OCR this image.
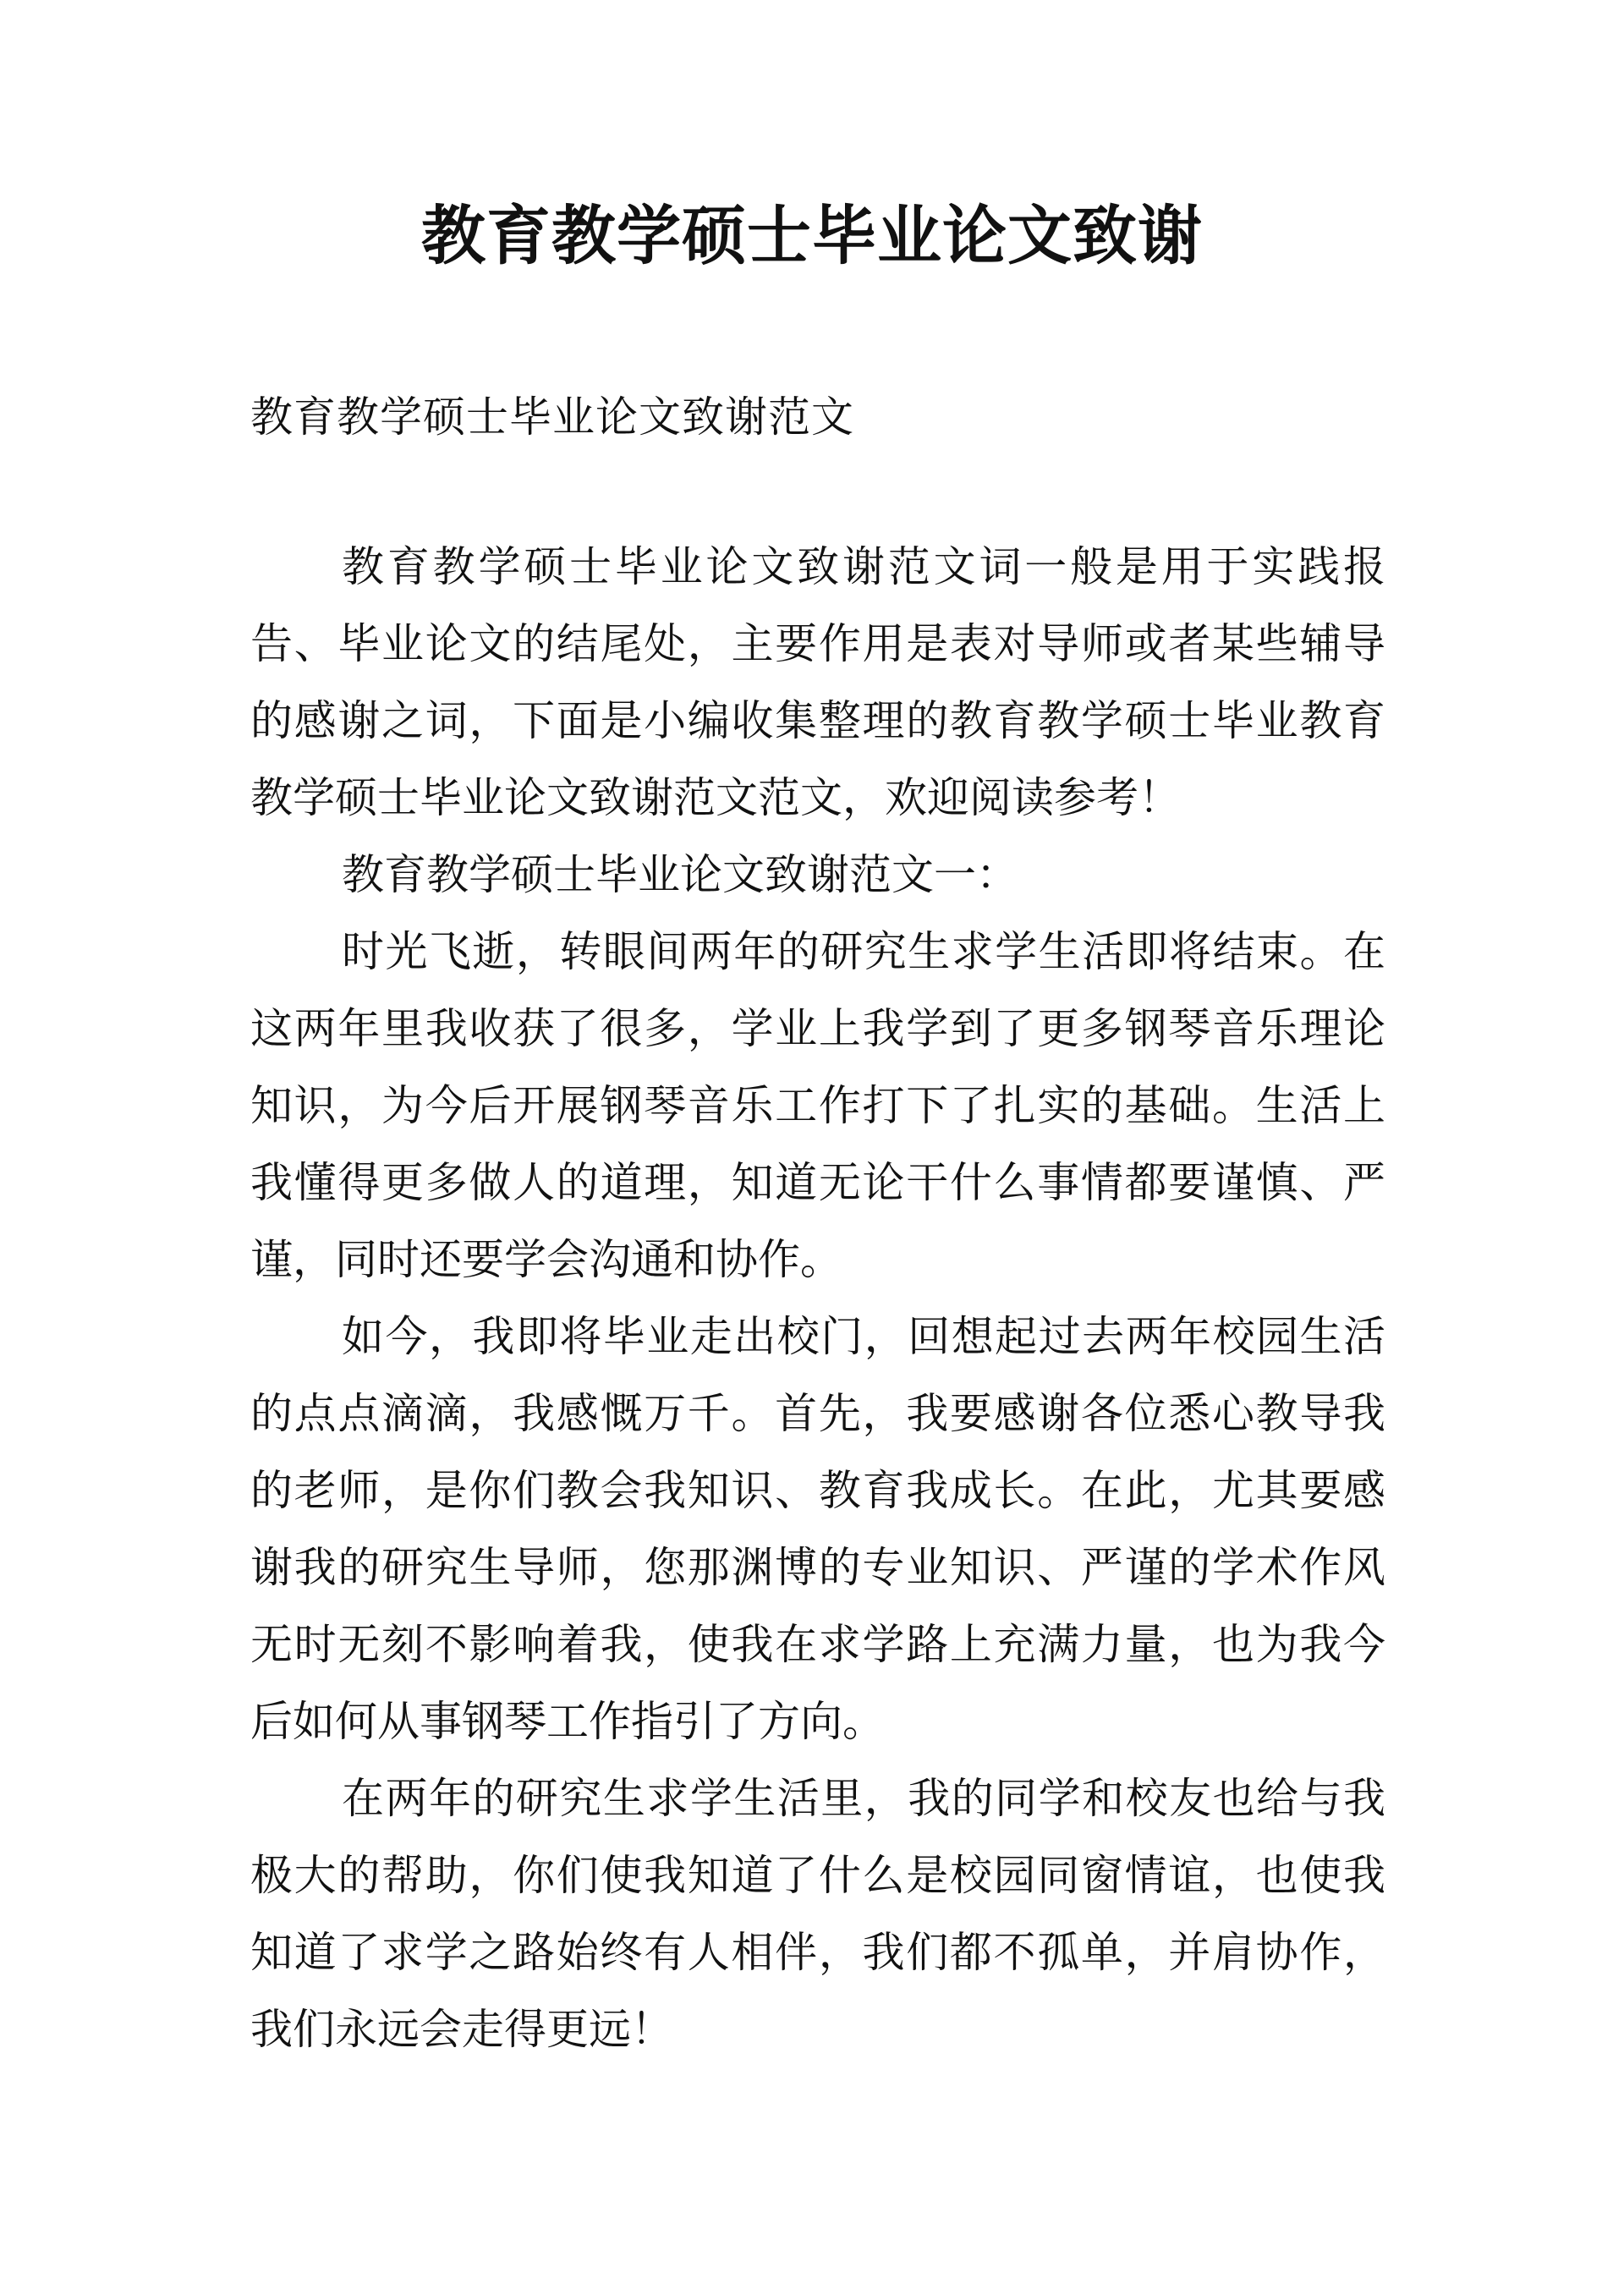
教育教学硕士毕业论文致谢
教育教学硕士毕业论文致谢范文
教育教学硕士毕业论文致谢范文词一般是用于实践报
告、毕业论文的结尾处，主要作用是表对导师或者某些辅导
的感谢之词，下面是小编收集整理的教育教学硕士毕业教育
教学硕士毕业论文致谢范文范文，欢迎阅读参考！
教育教学硕士毕业论文致谢范文一：
时光飞逝，转眼间两年的研究生求学生活即将结束。在
这两年里我收获了很多，学业上我学到了更多钢琴音乐理论
知识，为今后开展钢琴音乐工作打下了扎实的基础。生活上
我懂得更多做人的道理，知道无论干什么事情都要谨慎、严
谨，同时还要学会沟通和协作。
如今，我即将毕业走出校门，回想起过去两年校园生活
的点点滴滴，我感慨万千。首先，我要感谢各位悉心教导我
的老师，是你们教会我知识、教育我成长。在此，尤其要感
谢我的研究生导师，您那渊博的专业知识、严谨的学术作风
无时无刻不影响着我，使我在求学路上充满力量，也为我今
后如何从事钢琴工作指引了方向。
在两年的研究生求学生活里，我的同学和校友也给与我
极大的帮助，你们使我知道了什么是校园同窗情谊，也使我
知道了求学之路始终有人相伴，我们都不孤单，并肩协作，
我们永远会走得更远！
